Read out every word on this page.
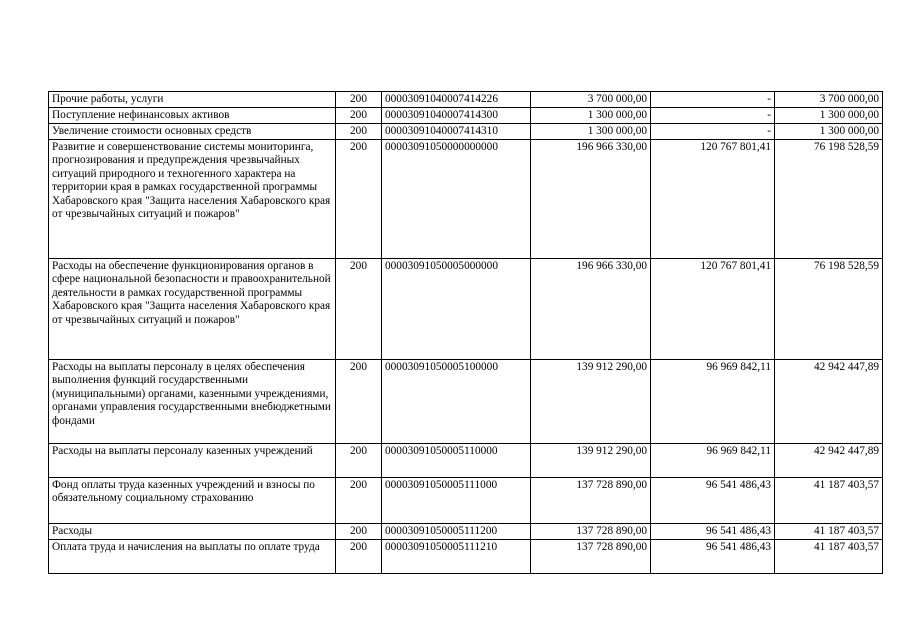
Прочие работы, услуги	200	00003091040007414226	3 700 000,00	-	3 700 000,00

Поступление нефинансовых активов	200	00003091040007414300	1 300 000,00	-	1 300 000,00

Увеличение стоимости основных средств	200	00003091040007414310	1 300 000,00	-	1 300 000,00

Развитие и совершенствование системы мониторинга, прогнозирования и предупреждения чрезвычайных ситуаций природного и техногенного характера на территории края в рамках государственной программы Хабаровского края "Защита населения Хабаровского края от чрезвычайных ситуаций и пожаров"	200	00003091050000000000	196 966 330,00	120 767 801,41	76 198 528,59

Расходы на обеспечение функционирования органов в сфере национальной безопасности и правоохранительной деятельности в рамках государственной программы Хабаровского края "Защита населения Хабаровского края от чрезвычайных ситуаций и пожаров"	200	00003091050005000000	196 966 330,00	120 767 801,41	76 198 528,59

Расходы на выплаты персоналу в целях обеспечения выполнения функций государственными (муниципальными) органами, казенными учреждениями, органами управления государственными внебюджетными фондами	200	00003091050005100000	139 912 290,00	96 969 842,11	42 942 447,89

Расходы на выплаты персоналу казенных учреждений	200	00003091050005110000	139 912 290,00	96 969 842,11	42 942 447,89

Фонд оплаты труда казенных учреждений и взносы по обязательному социальному страхованию	200	00003091050005111000	137 728 890,00	96 541 486,43	41 187 403,57

Расходы	200	00003091050005111200	137 728 890,00	96 541 486,43	41 187 403,57

Оплата труда и начисления на выплаты по оплате труда	200	00003091050005111210	137 728 890,00	96 541 486,43	41 187 403,57
